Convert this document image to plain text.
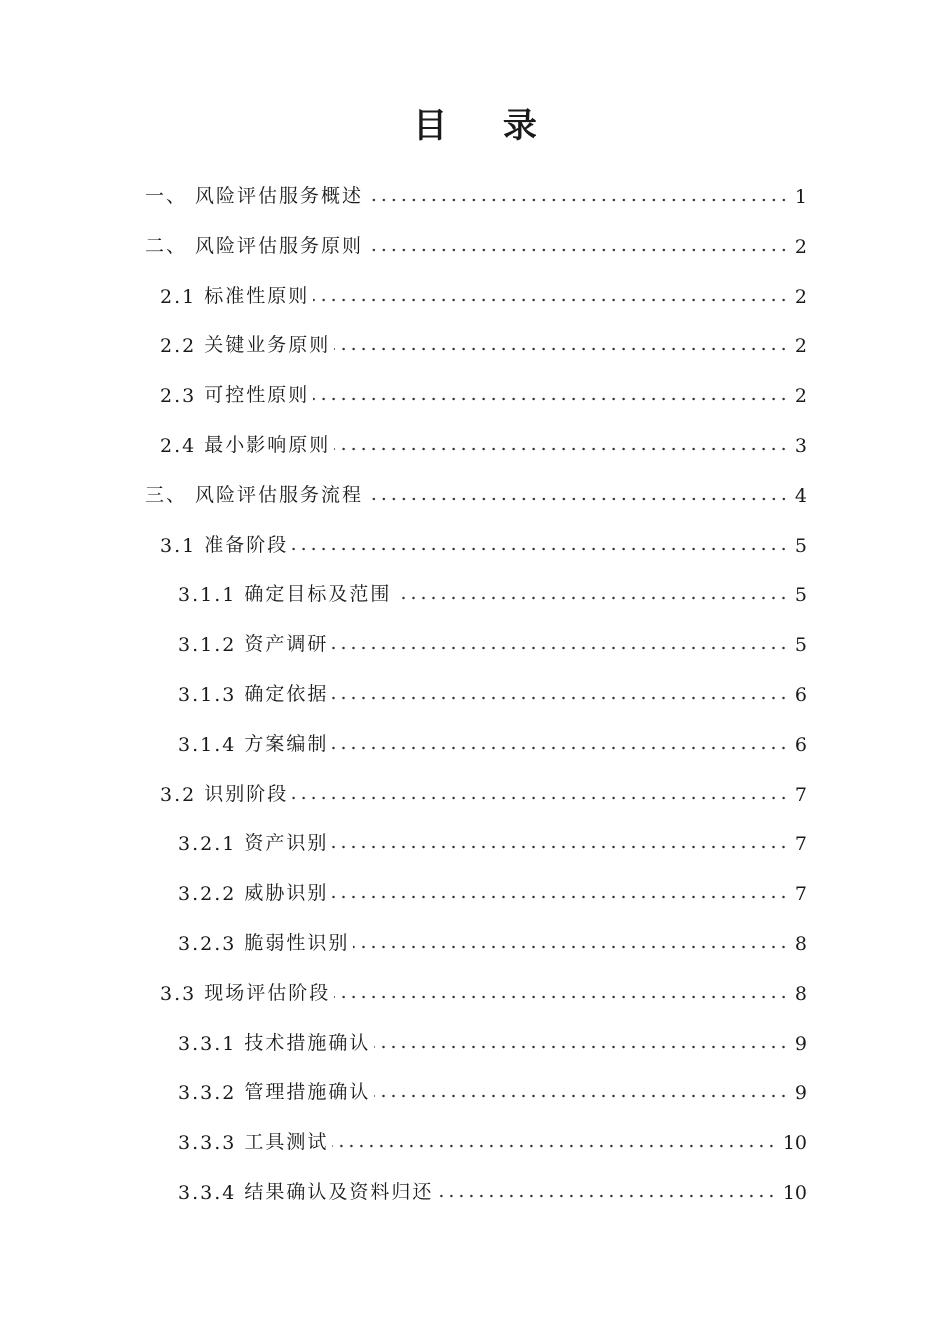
目 录
一、 风险评估服务概述	1
二、 风险评估服务原则	2
2.1 标准性原则	2
2.2 关键业务原则	2
2.3 可控性原则	2
2.4 最小影响原则	3
三、 风险评估服务流程	4
3.1 准备阶段	5
3.1.1 确定目标及范围	5
3.1.2 资产调研	5
3.1.3 确定依据	6
3.1.4 方案编制	6
3.2 识别阶段	7
3.2.1 资产识别	7
3.2.2 威胁识别	7
3.2.3 脆弱性识别	8
3.3 现场评估阶段	8
3.3.1 技术措施确认	9
3.3.2 管理措施确认	9
3.3.3 工具测试	10
3.3.4 结果确认及资料归还	10
